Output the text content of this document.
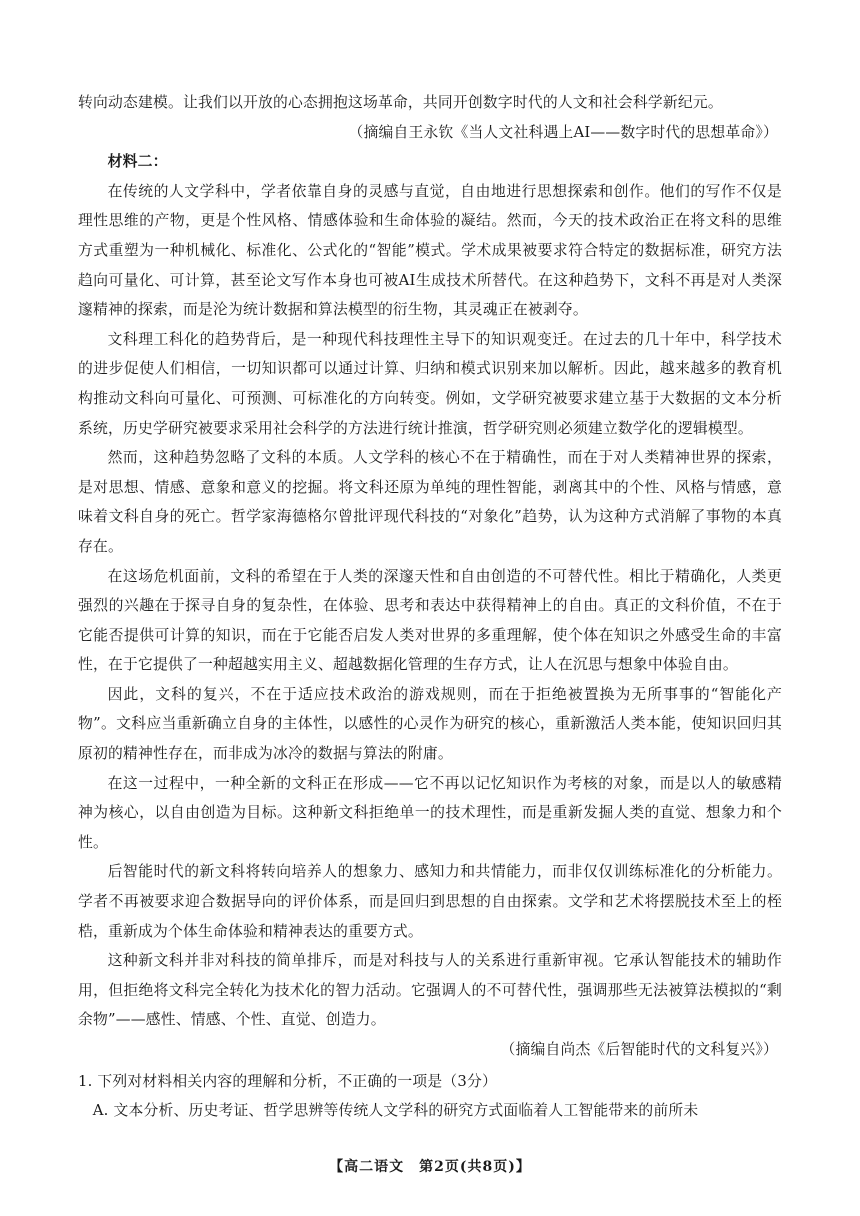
转向动态建模。让我们以开放的心态拥抱这场革命，共同开创数字时代的人文和社会科学新纪元。

（摘编自王永钦《当人文社科遇上AI——数字时代的思想革命》）

材料二：

在传统的人文学科中，学者依靠自身的灵感与直觉，自由地进行思想探索和创作。他们的写作不仅是理性思维的产物，更是个性风格、情感体验和生命体验的凝结。然而，今天的技术政治正在将文科的思维方式重塑为一种机械化、标准化、公式化的“智能”模式。学术成果被要求符合特定的数据标准，研究方法趋向可量化、可计算，甚至论文写作本身也可被AI生成技术所替代。在这种趋势下，文科不再是对人类深邃精神的探索，而是沦为统计数据和算法模型的衍生物，其灵魂正在被剥夺。

文科理工科化的趋势背后，是一种现代科技理性主导下的知识观变迁。在过去的几十年中，科学技术的进步促使人们相信，一切知识都可以通过计算、归纳和模式识别来加以解析。因此，越来越多的教育机构推动文科向可量化、可预测、可标准化的方向转变。例如，文学研究被要求建立基于大数据的文本分析系统，历史学研究被要求采用社会科学的方法进行统计推演，哲学研究则必须建立数学化的逻辑模型。

然而，这种趋势忽略了文科的本质。人文学科的核心不在于精确性，而在于对人类精神世界的探索，是对思想、情感、意象和意义的挖掘。将文科还原为单纯的理性智能，剥离其中的个性、风格与情感，意味着文科自身的死亡。哲学家海德格尔曾批评现代科技的“对象化”趋势，认为这种方式消解了事物的本真存在。

在这场危机面前，文科的希望在于人类的深邃天性和自由创造的不可替代性。相比于精确化，人类更强烈的兴趣在于探寻自身的复杂性，在体验、思考和表达中获得精神上的自由。真正的文科价值，不在于它能否提供可计算的知识，而在于它能否启发人类对世界的多重理解，使个体在知识之外感受生命的丰富性，在于它提供了一种超越实用主义、超越数据化管理的生存方式，让人在沉思与想象中体验自由。

因此，文科的复兴，不在于适应技术政治的游戏规则，而在于拒绝被置换为无所事事的“智能化产物”。文科应当重新确立自身的主体性，以感性的心灵作为研究的核心，重新激活人类本能，使知识回归其原初的精神性存在，而非成为冰冷的数据与算法的附庸。

在这一过程中，一种全新的文科正在形成——它不再以记忆知识作为考核的对象，而是以人的敏感精神为核心，以自由创造为目标。这种新文科拒绝单一的技术理性，而是重新发掘人类的直觉、想象力和个性。

后智能时代的新文科将转向培养人的想象力、感知力和共情能力，而非仅仅训练标准化的分析能力。学者不再被要求迎合数据导向的评价体系，而是回归到思想的自由探索。文学和艺术将摆脱技术至上的桎梏，重新成为个体生命体验和精神表达的重要方式。

这种新文科并非对科技的简单排斥，而是对科技与人的关系进行重新审视。它承认智能技术的辅助作用，但拒绝将文科完全转化为技术化的智力活动。它强调人的不可替代性，强调那些无法被算法模拟的“剩余物”——感性、情感、个性、直觉、创造力。

（摘编自尚杰《后智能时代的文科复兴》）

1. 下列对材料相关内容的理解和分析，不正确的一项是（3分）

A. 文本分析、历史考证、哲学思辨等传统人文学科的研究方式面临着人工智能带来的前所未

【高二语文　第2页(共8页)】
